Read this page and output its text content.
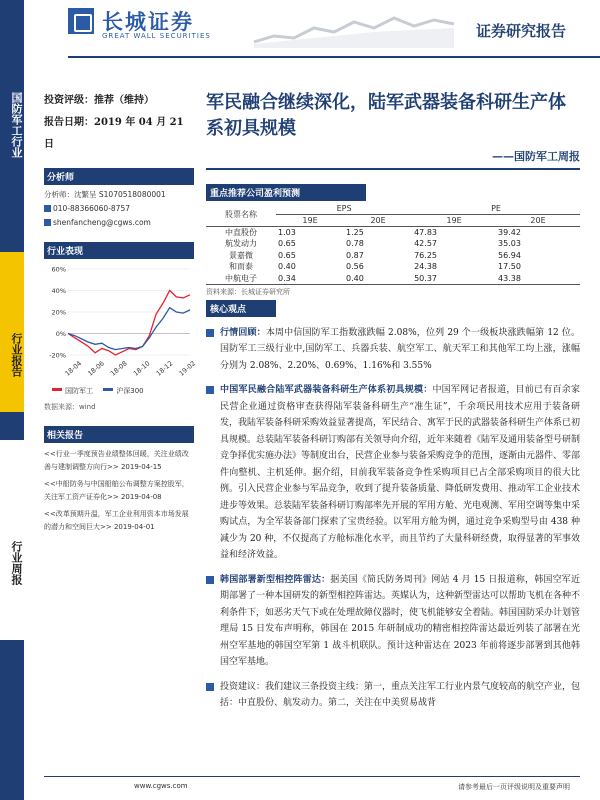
国防军工行业
行业报告
行业周报
长城证券
GREAT WALL SECURITIES	证券研究报告
投资评级：推荐（维持）
报告日期：2019 年 04 月 21 日
分析师
分析师：沈繁呈 S1070518080001
010-88366060-8757
shenfancheng@cgws.com
行业表现
-20%
0%
20%
40%
60%
18-04 18-06 18-08 18-10 18-12 19-02
国防军工	沪深300
数据来源：wind
相关报告
<<行业一季度预告业绩整体回暖，关注业绩改善与建制调整方向行>> 2019-04-15
<<中船防务与中国船舶公布调整方案控股军，关注军工资产证券化>> 2019-04-08
<<改革预期升温，军工企业利用资本市场发展的潜力和空间巨大>> 2019-04-01
军民融合继续深化，陆军武器装备科研生产体系初具规模
——国防军工周报
重点推荐公司盈利预测
股票名称	EPS		PE	
	19E	20E	19E	20E
中直股份	1.03	1.25	47.83	39.42
航发动力	0.65	0.78	42.57	35.03
景嘉微	0.65	0.87	76.25	56.94
和而泰	0.40	0.56	24.38	17.50
中航电子	0.34	0.40	50.37	43.38
资料来源：长城证券研究所
核心观点
行情回顾：本周中信国防军工指数涨跌幅 2.08%，位列 29 个一级板块涨跌幅第 12 位。国防军工三级行业中,国防军工、兵器兵装、航空军工、航天军工和其他军工均上涨，涨幅分别为 2.08%、2.20%、0.69%、1.16%和 3.55%
中国军民融合陆军武器装备科研生产体系初具规模：中国军网记者报道，目前已有百余家民营企业通过资格审查获得陆军装备科研生产“准生证”，千余项民用技术应用于装备研发，我陆军装备科研采购效益显著提高，军民结合、寓军于民的武器装备科研生产体系已初具规模。总装陆军装备科研订购部有关领导向介绍，近年来随着《陆军及通用装备型号研制竞争择优实施办法》等制度出台，民营企业参与装备采购竞争的范围，逐渐由元器件、零部件向整机、主机延伸。据介绍，目前我军装备竞争性采购项目已占全部采购项目的很大比例。引入民营企业参与军品竞争，收到了提升装备质量、降低研发费用、推动军工企业技术进步等效果。总装陆军装备科研订购部率先开展的军用方舱、光电观测、军用空调等集中采购试点，为全军装备部门探索了宝贵经验。以军用方舱为例，通过竞争采购型号由 438 种减少为 20 种，不仅提高了方舱标准化水平，而且节约了大量科研经费，取得显著的军事效益和经济效益。
韩国部署新型相控阵雷达：据美国《简氏防务周刊》网站 4 月 15 日报道称，韩国空军近期部署了一种本国研发的新型相控阵雷达。英媒认为，这种新型雷达可以帮助飞机在各种不利条件下，如恶劣天气下或在处理故障仪器时，使飞机能够安全着陆。韩国国防采办计划管理局 15 日发布声明称，韩国在 2015 年研制成功的精密相控阵雷达最近列装了部署在光州空军基地的韩国空军第 1 战斗机联队。预计这种雷达在 2023 年前将逐步部署到其他韩国空军基地。
投资建议：我们建议三条投资主线：第一，重点关注军工行业内景气度较高的航空产业，包括：中直股份、航发动力。第二，关注在中美贸易战背
www.cgws.com	请参考最后一页评级说明及重要声明
